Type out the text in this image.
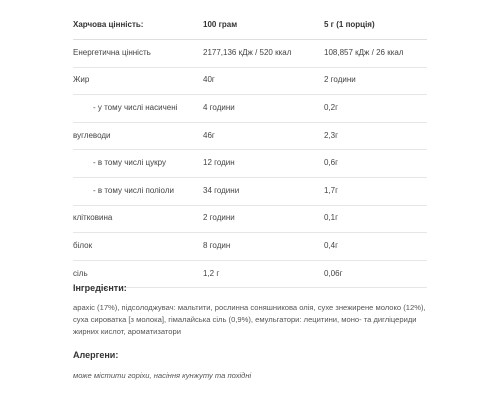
Харчова цінність:	100 грам	5 г (1 порція)
Енергетична цінність	2177,136 кДж / 520 ккал	108,857 кДж / 26 ккал
Жир	40г	2 години
- у тому числі насичені	4 години	0,2г
вуглеводи	46г	2,3г
- в тому числі цукру	12 годин	0,6г
- в тому числі поліоли	34 години	1,7г
клітковина	2 години	0,1г
білок	8 годин	0,4г
сіль	1,2 г	0,06г
Інгредієнти:
арахіс (17%), підсолоджувач: мальтити, рослинна соняшникова олія, сухе знежирене молоко (12%), суха сироватка [з молока], гімалайська сіль (0,9%), емульгатори: лецитини, моно- та дигліцериди жирних кислот, ароматизатори
Алергени:
може містити горіхи, насіння кунжуту та похідні
